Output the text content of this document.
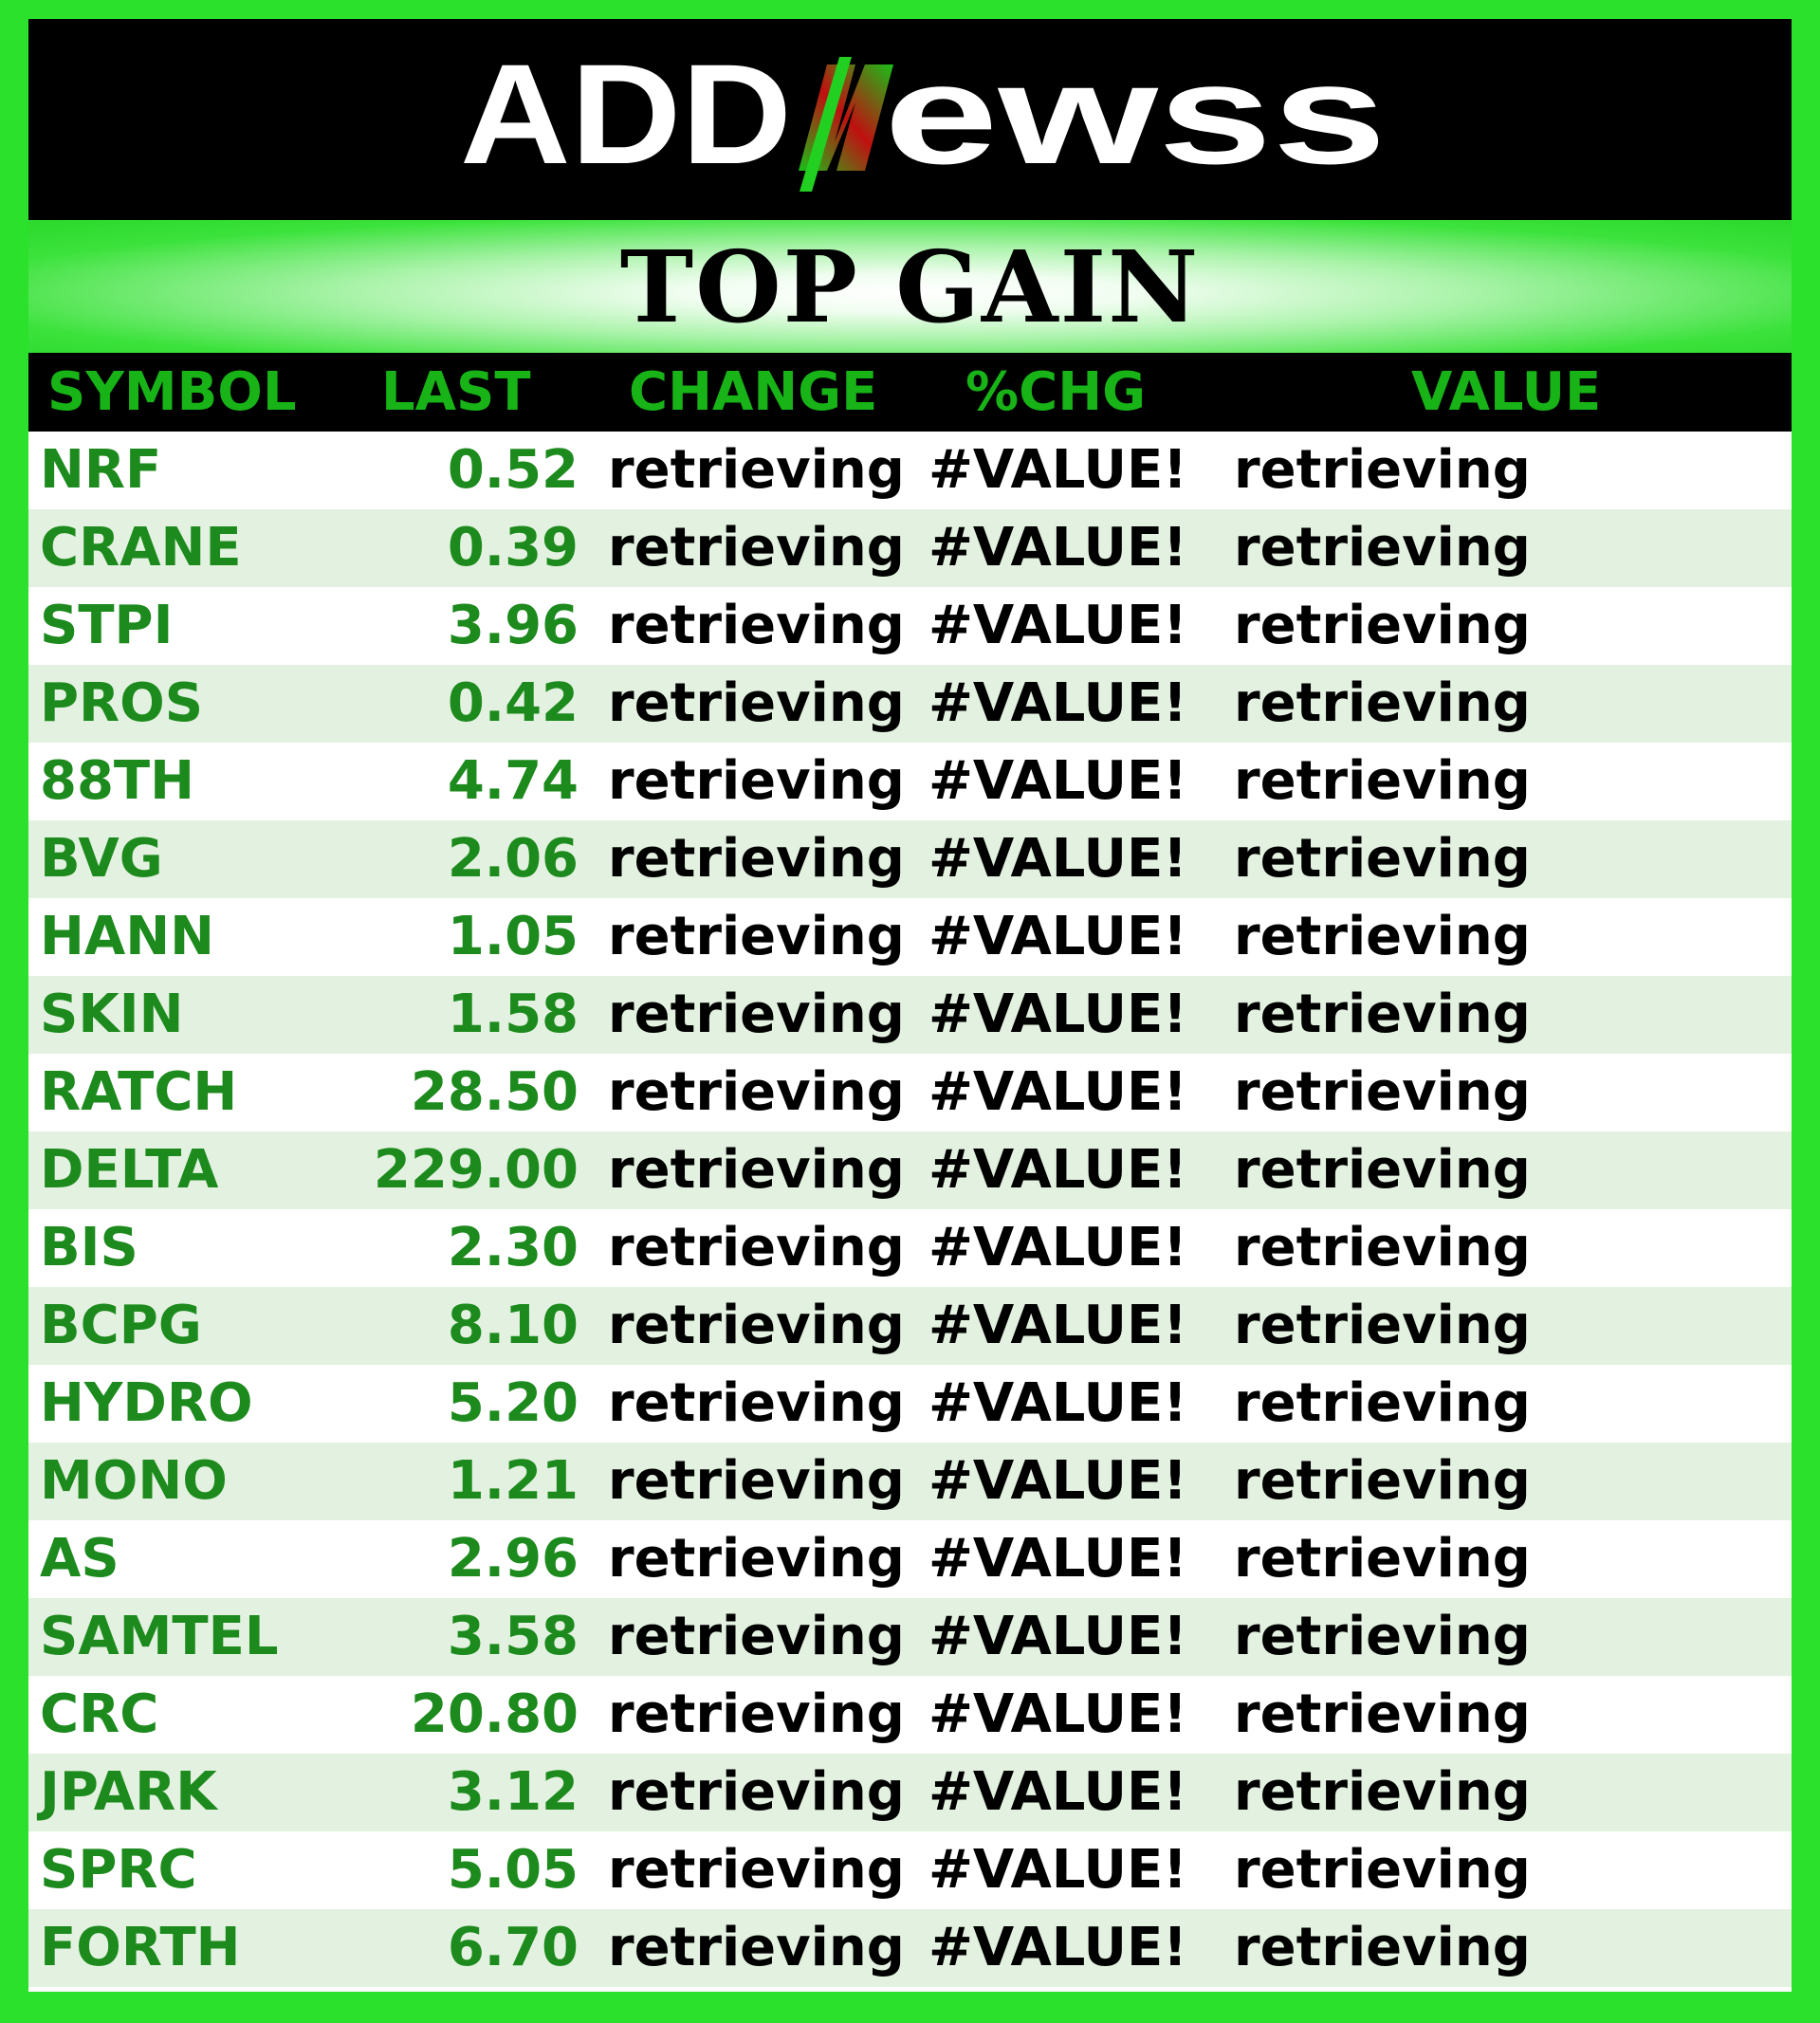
ADD ewss
TOP GAIN
SYMBOL LAST CHANGE %CHG	VALUE
NRF	0.52 retrieving #VALUE! retrieving
CRANE	0.39 retrieving #VALUE! retrieving
STPI	3.96 retrieving #VALUE! retrieving
PROS	0.42 retrieving #VALUE! retrieving
88TH	4.74 retrieving #VALUE! retrieving
BVG	2.06 retrieving #VALUE! retrieving
HANN	1.05 retrieving #VALUE! retrieving
SKIN	1.58 retrieving #VALUE! retrieving
RATCH	28.50 retrieving #VALUE! retrieving
DELTA	229.00 retrieving #VALUE! retrieving
BIS	2.30 retrieving #VALUE! retrieving
BCPG	8.10 retrieving #VALUE! retrieving
HYDRO	5.20 retrieving #VALUE! retrieving
MONO	1.21 retrieving #VALUE! retrieving
AS	2.96 retrieving #VALUE! retrieving
SAMTEL	3.58 retrieving #VALUE! retrieving
CRC	20.80 retrieving #VALUE! retrieving
JPARK	3.12 retrieving #VALUE! retrieving
SPRC	5.05 retrieving #VALUE! retrieving
FORTH	6.70 retrieving #VALUE! retrieving
